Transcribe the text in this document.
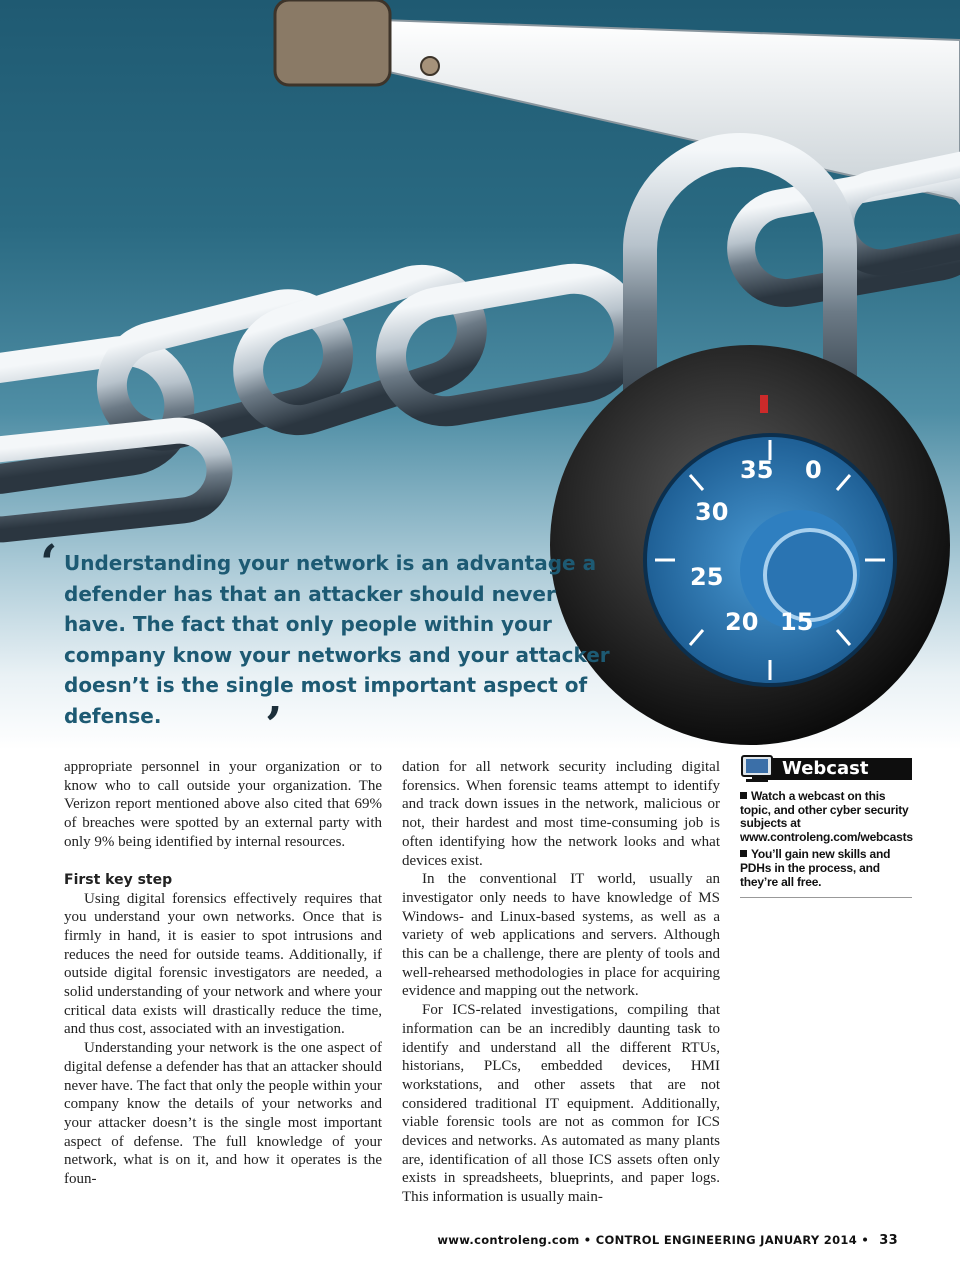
35 0
30
25
20 15
‘ Understanding your network is an advantage a defender has that an attacker should never have. The fact that only people within your company know your networks and your attacker doesn’t is the single most important aspect of defense.	’

appropriate personnel in your organization or to know who to call outside your organization. The Verizon report mentioned above also cited that 69% of breaches were spotted by an external party with only 9% being identified by internal resources.

First key step

Using digital forensics effectively requires that you understand your own networks. Once that is firmly in hand, it is easier to spot intrusions and reduces the need for outside teams. Additionally, if outside digital forensic investigators are needed, a solid understanding of your network and where your critical data exists will drastically reduce the time, and thus cost, associated with an investigation.

Understanding your network is the one aspect of digital defense a defender has that an attacker should never have. The fact that only the people within your company know the details of your networks and your attacker doesn’t is the single most important aspect of defense. The full knowledge of your network, what is on it, and how it operates is the foun-

dation for all network security including digital forensics. When forensic teams attempt to identify and track down issues in the network, malicious or not, their hardest and most time-consuming job is often identifying how the network looks and what devices exist.

In the conventional IT world, usually an investigator only needs to have knowledge of MS Windows- and Linux-based systems, as well as a variety of web applications and servers. Although this can be a challenge, there are plenty of tools and well-rehearsed methodologies in place for acquiring evidence and mapping out the network.

For ICS-related investigations, compiling that information can be an incredibly daunting task to identify and understand all the different RTUs, historians, PLCs, embedded devices, HMI workstations, and other assets that are not considered traditional IT equipment. Additionally, viable forensic tools are not as common for ICS devices and networks. As automated as many plants are, identification of all those ICS assets often only exists in spreadsheets, blueprints, and paper logs. This information is usually main-

Webcast

Watch a webcast on this topic, and other cyber security subjects at www.controleng.com/webcasts

You’ll gain new skills and PDHs in the process, and they’re all free.

www.controleng.com • CONTROL ENGINEERING JANUARY 2014 • 33
